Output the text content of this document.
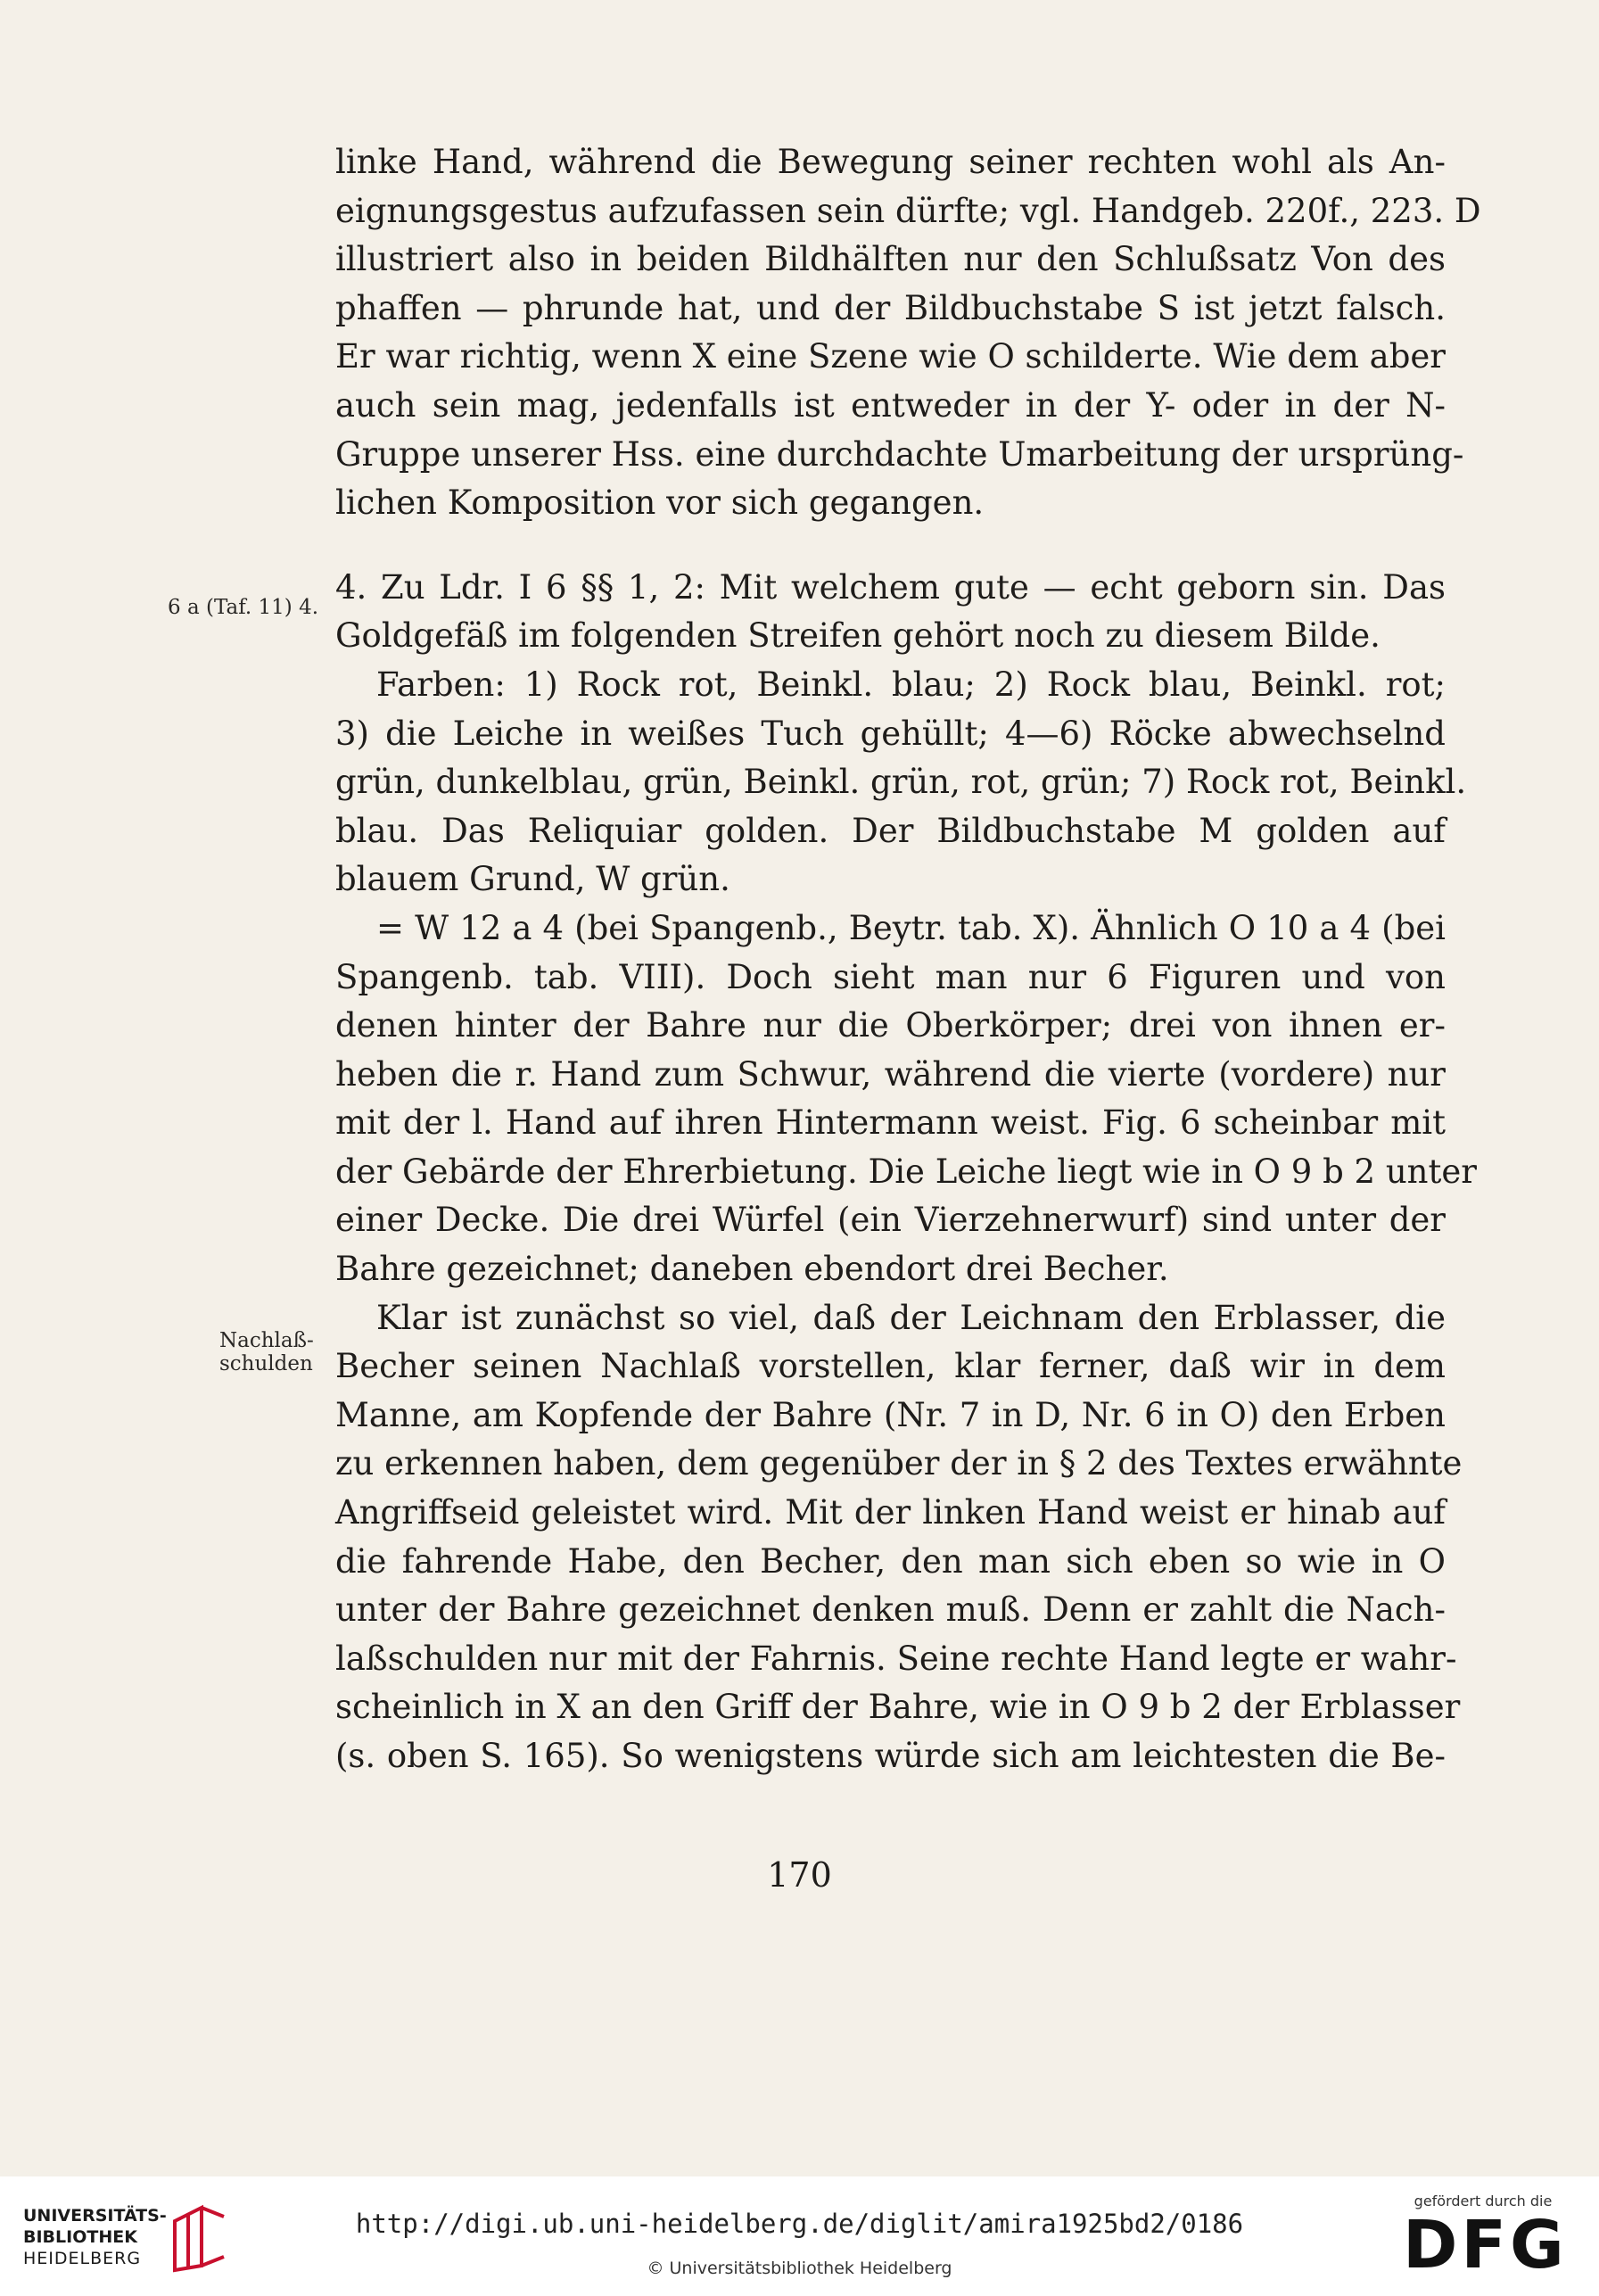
linke Hand, während die Bewegung seiner rechten wohl als An-
eignungsgestus aufzufassen sein dürfte; vgl. Handgeb. 220f., 223. D
illustriert also in beiden Bildhälften nur den Schlußsatz Von des
phaffen — phrunde hat, und der Bildbuchstabe S ist jetzt falsch.
Er war richtig, wenn X eine Szene wie O schilderte. Wie dem aber
auch sein mag, jedenfalls ist entweder in der Y- oder in der N-
Gruppe unserer Hss. eine durchdachte Umarbeitung der ursprüng-
lichen Komposition vor sich gegangen.
4. Zu Ldr. I 6 §§ 1, 2: Mit welchem gute — echt geborn sin. Das
Goldgefäß im folgenden Streifen gehört noch zu diesem Bilde.
Farben: 1) Rock rot, Beinkl. blau; 2) Rock blau, Beinkl. rot;
3) die Leiche in weißes Tuch gehüllt; 4—6) Röcke abwechselnd
grün, dunkelblau, grün, Beinkl. grün, rot, grün; 7) Rock rot, Beinkl.
blau. Das Reliquiar golden. Der Bildbuchstabe M golden auf
blauem Grund, W grün.
= W 12 a 4 (bei Spangenb., Beytr. tab. X). Ähnlich O 10 a 4 (bei
Spangenb. tab. VIII). Doch sieht man nur 6 Figuren und von
denen hinter der Bahre nur die Oberkörper; drei von ihnen er-
heben die r. Hand zum Schwur, während die vierte (vordere) nur
mit der l. Hand auf ihren Hintermann weist. Fig. 6 scheinbar mit
der Gebärde der Ehrerbietung. Die Leiche liegt wie in O 9 b 2 unter
einer Decke. Die drei Würfel (ein Vierzehnerwurf) sind unter der
Bahre gezeichnet; daneben ebendort drei Becher.
Klar ist zunächst so viel, daß der Leichnam den Erblasser, die
Becher seinen Nachlaß vorstellen, klar ferner, daß wir in dem
Manne, am Kopfende der Bahre (Nr. 7 in D, Nr. 6 in O) den Erben
zu erkennen haben, dem gegenüber der in § 2 des Textes erwähnte
Angriffseid geleistet wird. Mit der linken Hand weist er hinab auf
die fahrende Habe, den Becher, den man sich eben so wie in O
unter der Bahre gezeichnet denken muß. Denn er zahlt die Nach-
laßschulden nur mit der Fahrnis. Seine rechte Hand legte er wahr-
scheinlich in X an den Griff der Bahre, wie in O 9 b 2 der Erblasser
(s. oben S. 165). So wenigstens würde sich am leichtesten die Be-
6 a (Taf. 11) 4.
Nachlaß-
schulden
170
UNIVERSITÄTS-
BIBLIOTHEK
HEIDELBERG
http://digi.ub.uni-heidelberg.de/diglit/amira1925bd2/0186
© Universitätsbibliothek Heidelberg
gefördert durch die
DFG
